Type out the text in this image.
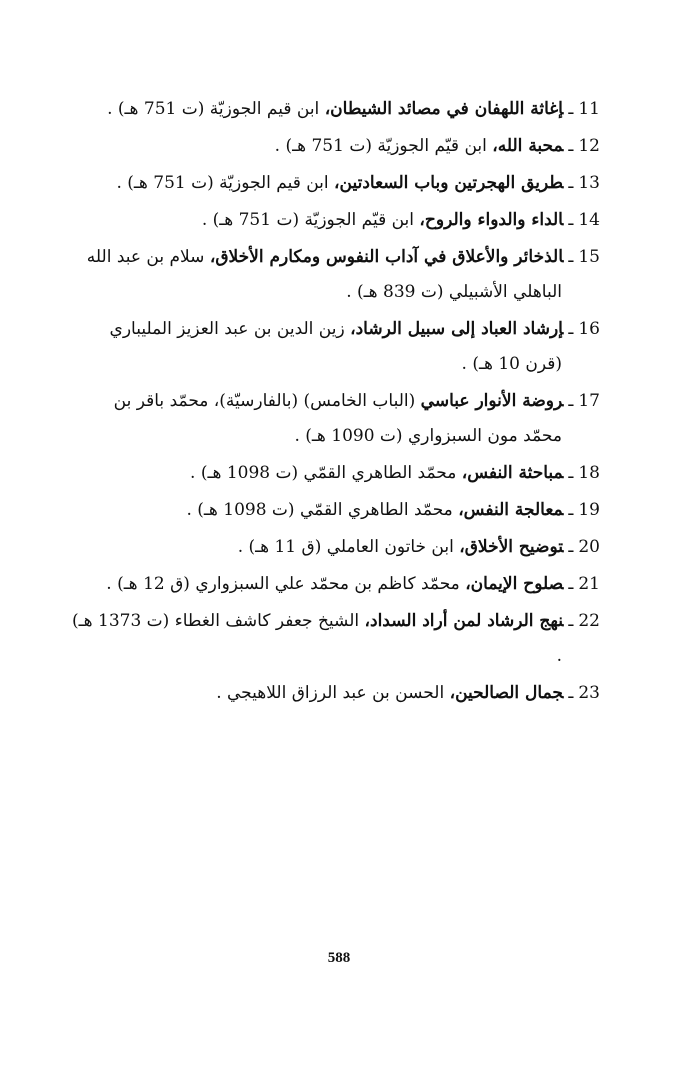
11ـإغاثة اللهفان في مصائد الشيطان، ابن قيم الجوزيّة (ت 751 هـ) .
12ـمحبة الله، ابن قيّم الجوزيّة (ت 751 هـ) .
13ـطريق الهجرتين وباب السعادتين، ابن قيم الجوزيّة (ت 751 هـ) .
14ـالداء والدواء والروح، ابن قيّم الجوزيّة (ت 751 هـ) .
15ـالذخائر والأعلاق في آداب النفوس ومكارم الأخلاق، سلام بن عبد الله الباهلي الأشبيلي (ت 839 هـ) .
16ـإرشاد العباد إلى سبيل الرشاد، زين الدين بن عبد العزيز المليباري (قرن 10 هـ) .
17ـروضة الأنوار عباسي (الباب الخامس) (بالفارسيّة)، محمّد باقر بن محمّد مون السبزواري (ت 1090 هـ) .
18ـمباحثة النفس، محمّد الطاهري القمّي (ت 1098 هـ) .
19ـمعالجة النفس، محمّد الطاهري القمّي (ت 1098 هـ) .
20ـتوضيح الأخلاق، ابن خاتون العاملي (ق 11 هـ) .
21ـصلوح الإيمان، محمّد كاظم بن محمّد علي السبزواري (ق 12 هـ) .
22ـنهج الرشاد لمن أراد السداد، الشيخ جعفر كاشف الغطاء (ت 1373 هـ) .
23ـجمال الصالحين، الحسن بن عبد الرزاق اللاهيجي .
588
